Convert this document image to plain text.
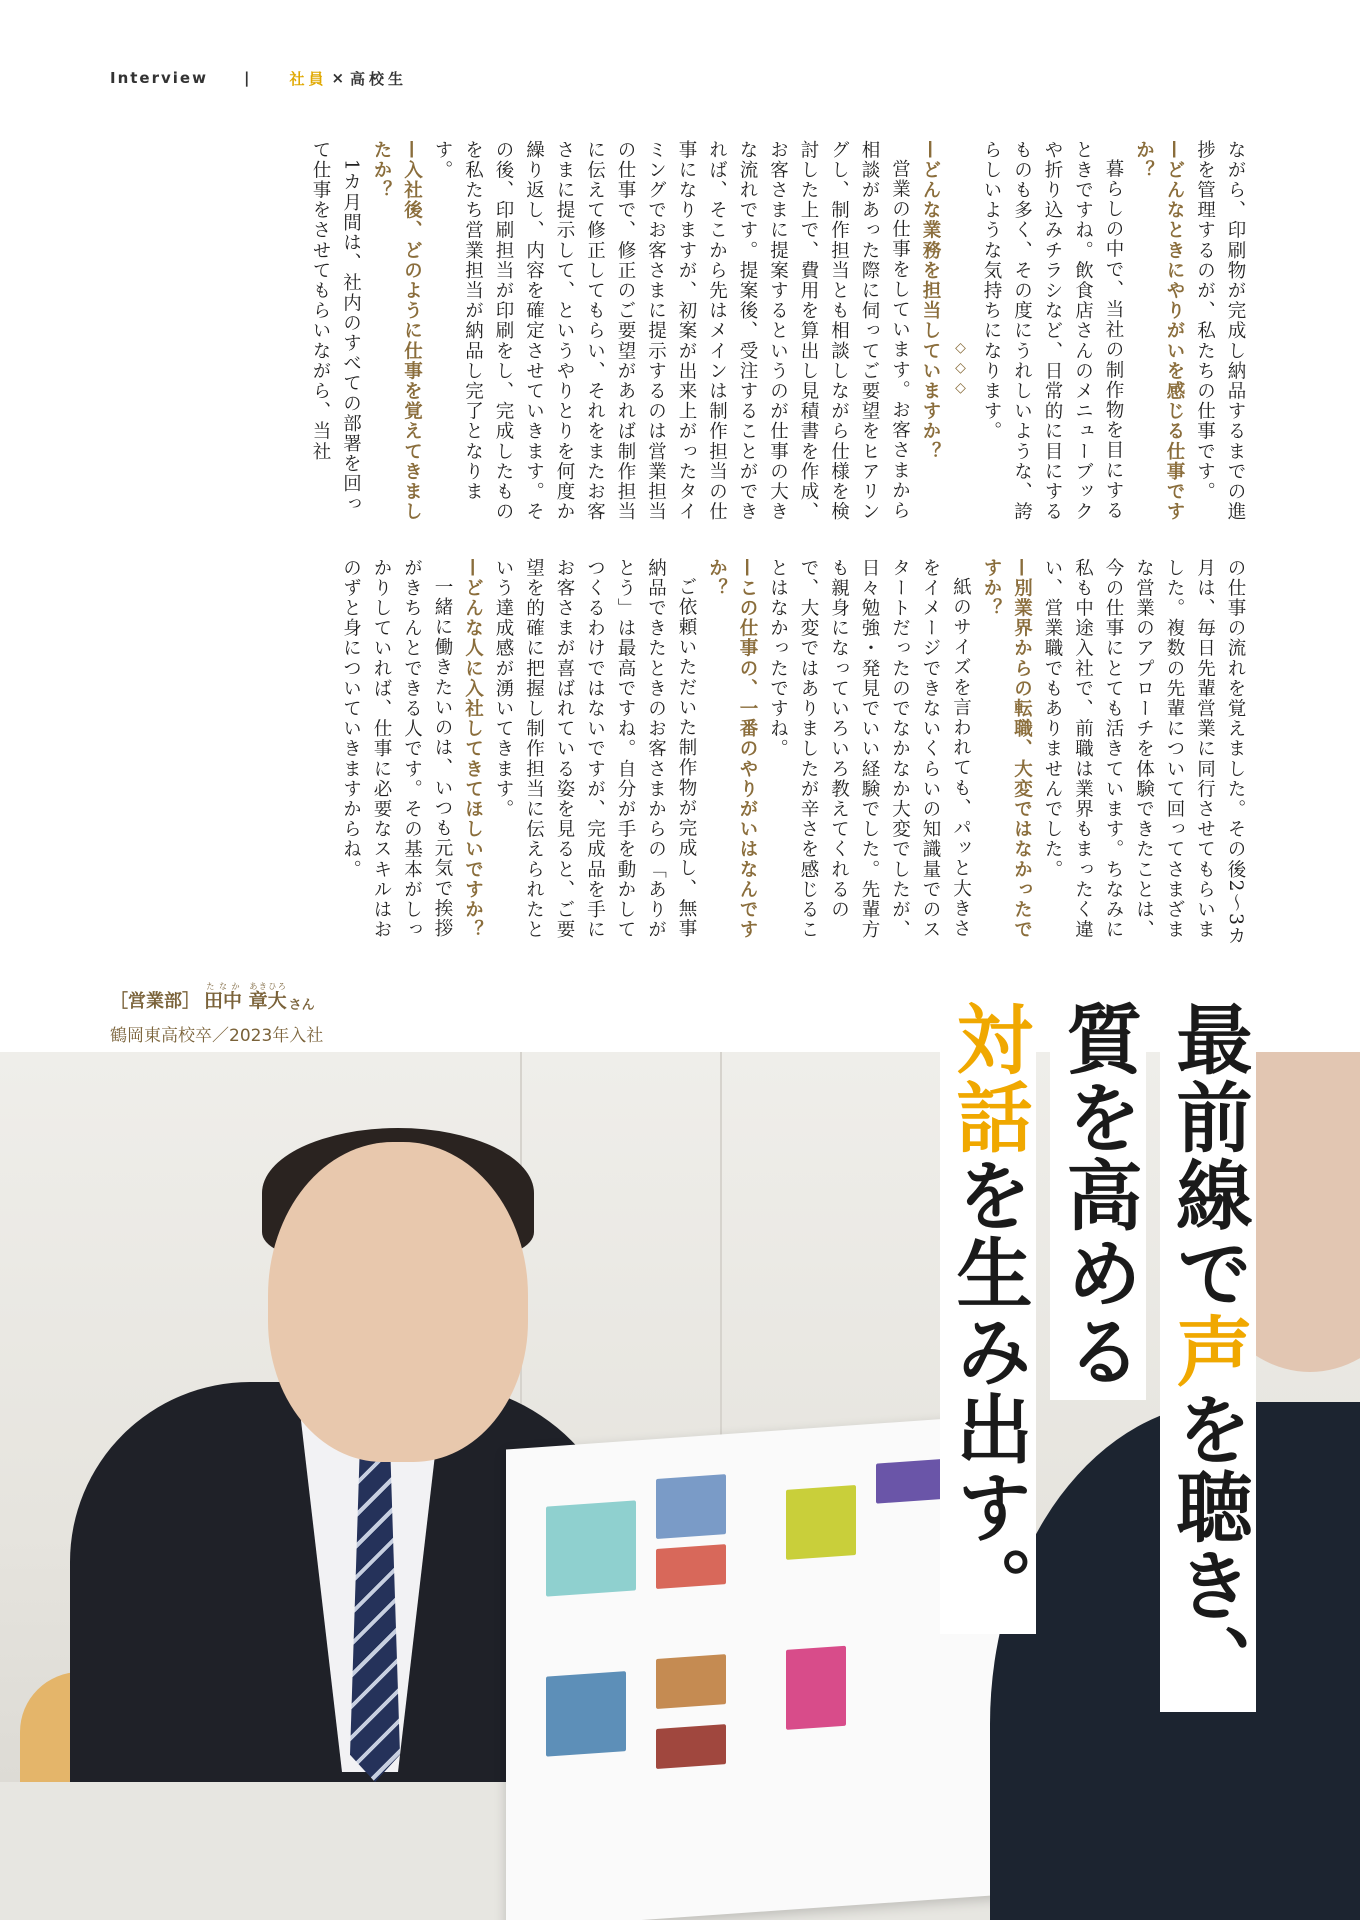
Interview |	社員 × 高校生

ながら、印刷物が完成し納品するまでの進捗を管理するのが、私たちの仕事です。

—どんなときにやりがいを感じる仕事ですか？

暮らしの中で、当社の制作物を目にするときですね。飲食店さんのメニューブックや折り込みチラシなど、日常的に目にするものも多く、その度にうれしいような、誇らしいような気持ちになります。

◇◇◇

—どんな業務を担当していますか？

営業の仕事をしています。お客さまから相談があった際に伺ってご要望をヒアリングし、制作担当とも相談しながら仕様を検討した上で、費用を算出し見積書を作成、お客さまに提案するというのが仕事の大きな流れです。提案後、受注することができれば、そこから先はメインは制作担当の仕事になりますが、初案が出来上がったタイミングでお客さまに提示するのは営業担当の仕事で、修正のご要望があれば制作担当に伝えて修正してもらい、それをまたお客さまに提示して、というやりとりを何度か繰り返し、内容を確定させていきます。その後、印刷担当が印刷をし、完成したものを私たち営業担当が納品し完了となります。

—入社後、どのように仕事を覚えてきましたか？

1カ月間は、社内のすべての部署を回って仕事をさせてもらいながら、当社

の仕事の流れを覚えました。その後2〜3カ月は、毎日先輩営業に同行させてもらいました。複数の先輩について回ってさまざまな営業のアプローチを体験できたことは、今の仕事にとても活きています。ちなみに私も中途入社で、前職は業界もまったく違い、営業職でもありませんでした。

—別業界からの転職、大変ではなかったですか？

紙のサイズを言われても、パッと大きさをイメージできないくらいの知識量でのスタートだったのでなかなか大変でしたが、日々勉強・発見でいい経験でした。先輩方も親身になっていろいろ教えてくれるので、大変ではありましたが辛さを感じることはなかったですね。

—この仕事の、一番のやりがいはなんですか？

ご依頼いただいた制作物が完成し、無事納品できたときのお客さまからの「ありがとう」は最高ですね。自分が手を動かしてつくるわけではないですが、完成品を手にお客さまが喜ばれている姿を見ると、ご要望を的確に把握し制作担当に伝えられたという達成感が湧いてきます。

—どんな人に入社してきてほしいですか？

一緒に働きたいのは、いつも元気で挨拶がきちんとできる人です。その基本がしっかりしていれば、仕事に必要なスキルはおのずと身についていきますからね。

［営業部］ 田中たなか 章大あきひろ
さん
鶴岡東高校卒／2023年入社	最前線で声を聴き、
質を高める
対話を生み出す。
